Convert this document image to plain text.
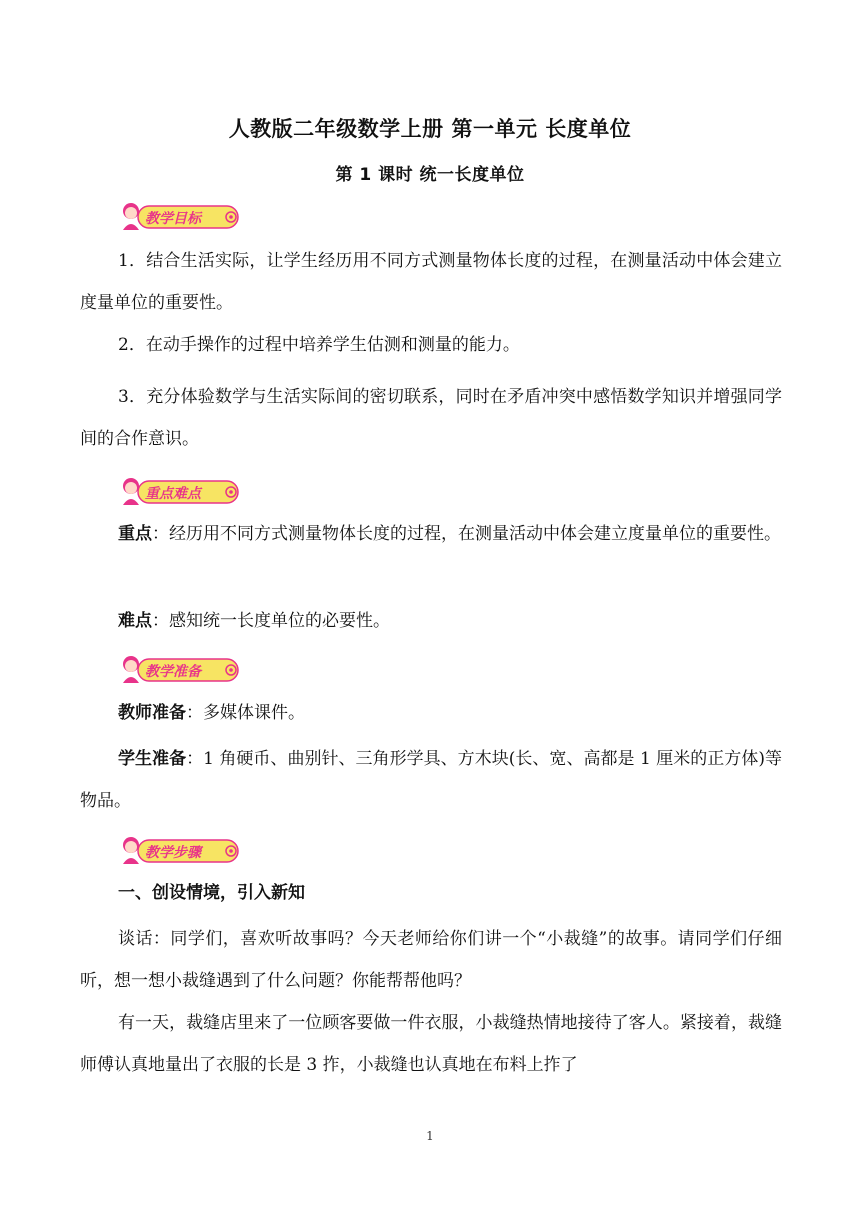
人教版二年级数学上册 第一单元 长度单位
第 1 课时 统一长度单位
教学目标
1．结合生活实际，让学生经历用不同方式测量物体长度的过程，在测量活动中体会建立度量单位的重要性。
2．在动手操作的过程中培养学生估测和测量的能力。
3．充分体验数学与生活实际间的密切联系，同时在矛盾冲突中感悟数学知识并增强同学间的合作意识。
重点难点
重点：经历用不同方式测量物体长度的过程，在测量活动中体会建立度量单位的重要性。
难点：感知统一长度单位的必要性。
教学准备
教师准备：多媒体课件。
学生准备：1 角硬币、曲别针、三角形学具、方木块(长、宽、高都是 1 厘米的正方体)等物品。
教学步骤
一、创设情境，引入新知
谈话：同学们，喜欢听故事吗？今天老师给你们讲一个“小裁缝”的故事。请同学们仔细听，想一想小裁缝遇到了什么问题？你能帮帮他吗？
有一天，裁缝店里来了一位顾客要做一件衣服，小裁缝热情地接待了客人。紧接着，裁缝师傅认真地量出了衣服的长是 3 拃，小裁缝也认真地在布料上拃了
1
